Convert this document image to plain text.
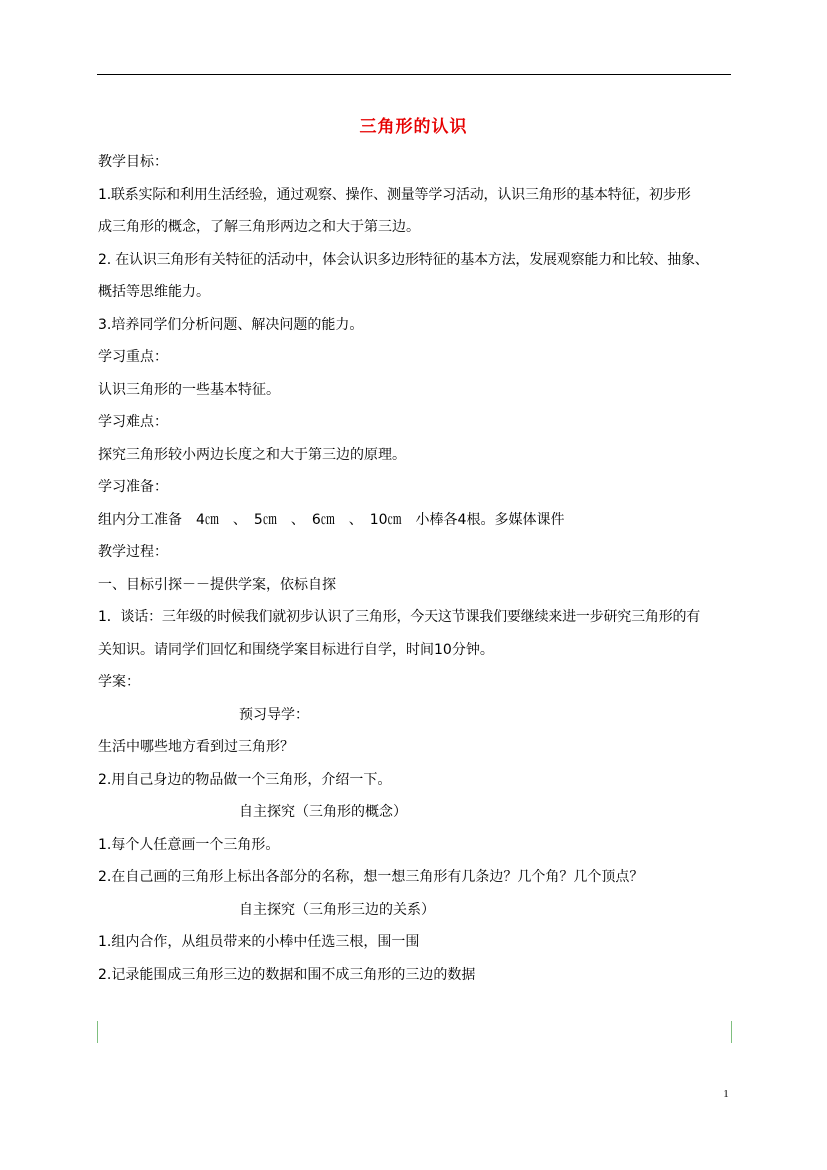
三角形的认识
教学目标：
1.联系实际和利用生活经验，通过观察、操作、测量等学习活动，认识三角形的基本特征，初步形
成三角形的概念，了解三角形两边之和大于第三边。
2. 在认识三角形有关特征的活动中，体会认识多边形特征的基本方法，发展观察能力和比较、抽象、
概括等思维能力。
3.培养同学们分析问题、解决问题的能力。
学习重点：
认识三角形的一些基本特征。
学习难点：
探究三角形较小两边长度之和大于第三边的原理。
学习准备：
组内分工准备　4㎝　、　5㎝　、　6㎝　、　10㎝　小棒各4根。多媒体课件
教学过程：
一、目标引探－－提供学案，依标自探
1．谈话：三年级的时候我们就初步认识了三角形，今天这节课我们要继续来进一步研究三角形的有
关知识。请同学们回忆和围绕学案目标进行自学，时间10分钟。
学案：
预习导学：
生活中哪些地方看到过三角形？
2.用自己身边的物品做一个三角形，介绍一下。
自主探究（三角形的概念）
1.每个人任意画一个三角形。
2.在自己画的三角形上标出各部分的名称，想一想三角形有几条边？几个角？几个顶点？
自主探究（三角形三边的关系）
1.组内合作，从组员带来的小棒中任选三根，围一围
2.记录能围成三角形三边的数据和围不成三角形的三边的数据
1
